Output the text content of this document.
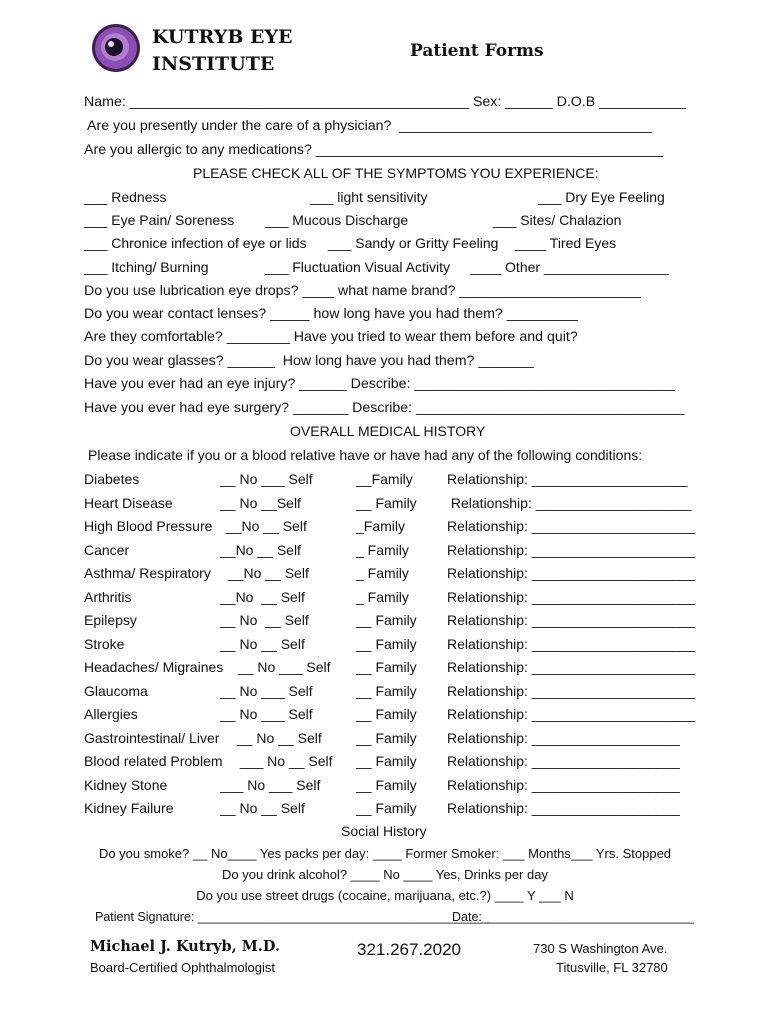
KUTRYB EYE
INSTITUTE
Patient Forms
Name: ___________________________________________ Sex: ______ D.O.B ___________
Are you presently under the care of a physician?  ________________________________
Are you allergic to any medications? ____________________________________________
PLEASE CHECK ALL OF THE SYMPTOMS YOU EXPERIENCE:
___ Redness	___ light sensitivity	___ Dry Eye Feeling
___ Eye Pain/ Soreness ___ Mucous Discharge	___ Sites/ Chalazion
___ Chronice infection of eye or lids ___ Sandy or Gritty Feeling ____ Tired Eyes
___ Itching/ Burning	___ Fluctuation Visual Activity ____ Other ________________
Do you use lubrication eye drops? ____ what name brand? _______________________
Do you wear contact lenses? _____ how long have you had them? _________
Are they comfortable? ________ Have you tried to wear them before and quit?
Do you wear glasses? ______  How long have you had them? _______
Have you ever had an eye injury? ______ Describe: _________________________________
Have you ever had eye surgery? _______ Describe: __________________________________
OVERALL MEDICAL HISTORY
Please indicate if you or a blood relative have or have had any of the following conditions:
Diabetes	__ No ___ Self	__Family Relationship: ____________________
Heart Disease	__ No __Self	__ Family Relationship: ____________________
High Blood Pressure __No __ Self	_Family	Relationship: _____________________
Cancer	__No __ Self	_ Family	Relationship: _____________________
Asthma/ Respiratory __No __ Self	_ Family	Relationship: _____________________
Arthritis	__No  __ Self	_ Family	Relationship: _____________________
Epilepsy	__ No  __ Self	__ Family Relationship: _____________________
Stroke	__ No __ Self	__ Family Relationship: _____________________
Headaches/ Migraines __ No ___ Self __ Family Relationship: _____________________
Glaucoma	__ No ___ Self	__ Family Relationship: _____________________
Allergies	__ No ___ Self	__ Family Relationship: _____________________
Gastrointestinal/ Liver __ No __ Self __ Family Relationship: ___________________
Blood related Problem ___ No __ Self __ Family Relationship: ___________________
Kidney Stone	___ No ___ Self	__ Family Relationship: ___________________
Kidney Failure	__ No __ Self	__ Family Relationship: ___________________
Social History
Do you smoke? __ No____ Yes packs per day: ____ Former Smoker: ___ Months___ Yrs. Stopped
Do you drink alcohol? ____ No ____ Yes, Drinks per day
Do you use street drugs (cocaine, marijuana, etc.?) ____ Y ___ N
Patient Signature: __________________________________________
Date: ______________________________
Michael J. Kutryb, M.D.
Board-Certified Ophthalmologist
321.267.2020	730 S Washington Ave.
Titusville, FL 32780
